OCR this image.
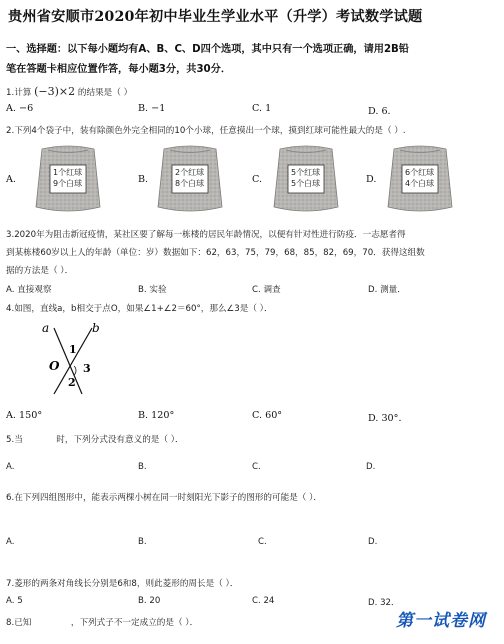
贵州省安顺市2020年初中毕业生学业水平（升学）考试数学试题
一、选择题：以下每小题均有A、B、C、D四个选项，其中只有一个选项正确，请用2B铅
笔在答题卡相应位置作答，每小题3分，共30分．
1.计算 (−3)×2 的结果是（ ）
A. −6	B. −1	C. 1	D. 6．
2.下列4个袋子中，装有除颜色外完全相同的10个小球，任意摸出一个球，摸到红球可能性最大的是（ ）.
A.	B.	C.	D.
1个红球
9个白球
2个红球
8个白球
5个红球
5个白球
6个红球
4个白球
3.2020年为阻击新冠疫情，某社区要了解每一栋楼的居民年龄情况，以便有针对性进行防疫．一志愿者得
到某栋楼60岁以上人的年龄（单位：岁）数据如下：62，63，75，79，68，85，82，69，70．获得这组数
据的方法是（ ）．
A. 直接观察	B. 实验	C. 调查	D. 测量．
4.如图，直线a，b相交于点O，如果∠1+∠2＝60°，那么∠3是（ ）．
a	b
O
1
2
3
A. 150°	B. 120°	C. 60°	D. 30°．
5.当	时，下列分式没有意义的是（ ）．
A.	B.	C.	D.
6.在下列四组图形中，能表示两棵小树在同一时刻阳光下影子的图形的可能是（ ）．
A.	B.	C.	D.
7.菱形的两条对角线长分别是6和8，则此菱形的周长是（ ）．
A. 5	B. 20	C. 24	D. 32．
8.已知	，下列式子不一定成立的是（ ）．	第一试卷网
